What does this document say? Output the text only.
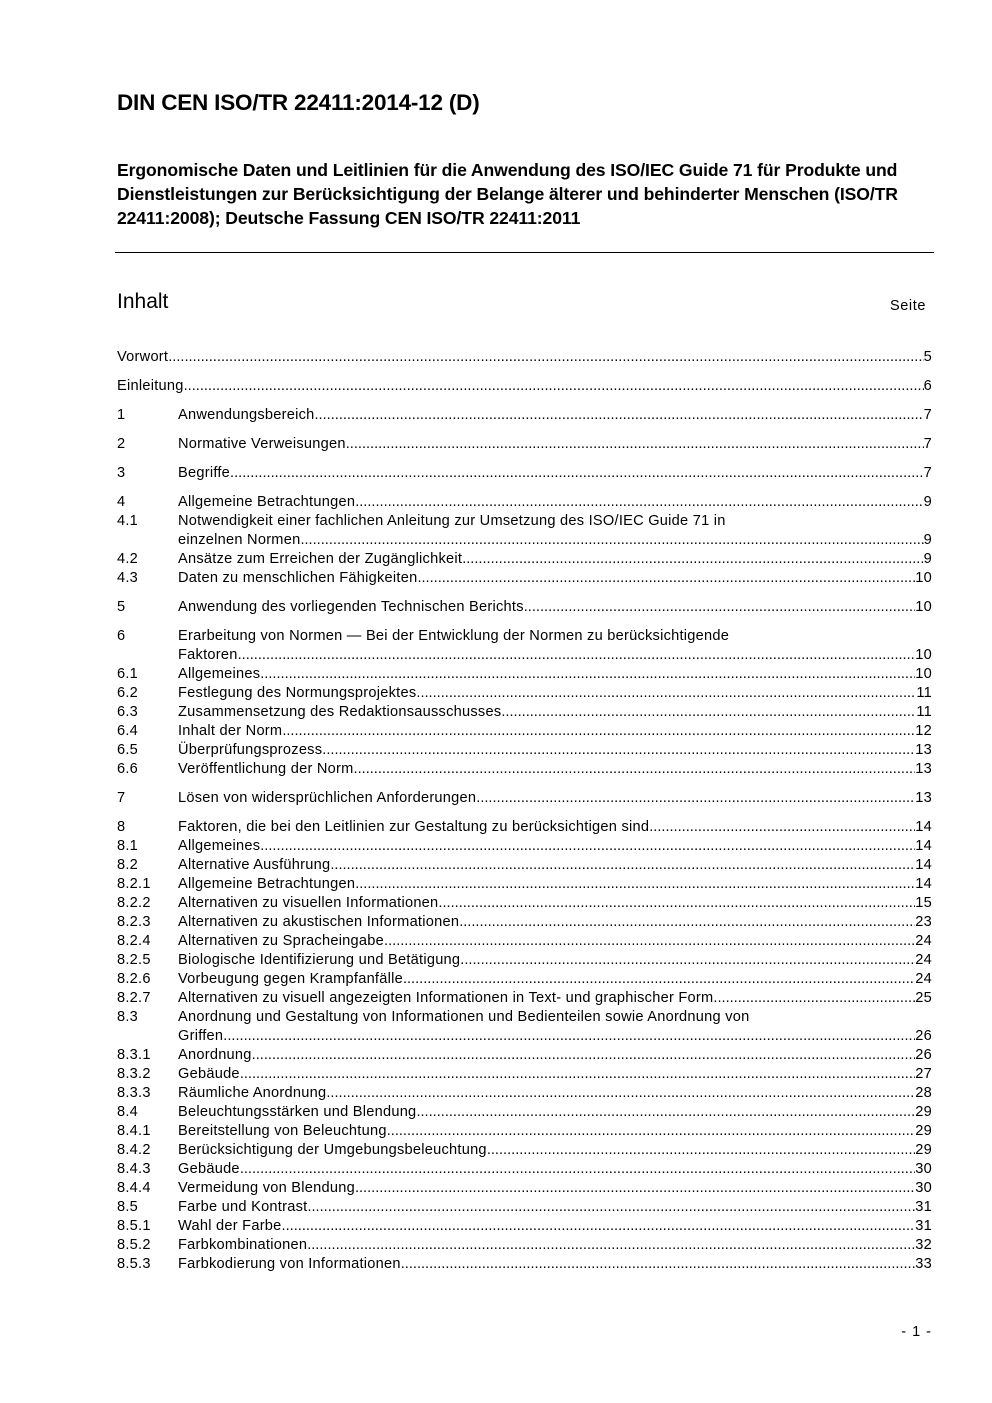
DIN CEN ISO/TR 22411:2014-12 (D)
Ergonomische Daten und Leitlinien für die Anwendung des ISO/IEC Guide 71 für Produkte und Dienstleistungen zur Berücksichtigung der Belange älterer und behinderter Menschen (ISO/TR 22411:2008); Deutsche Fassung CEN ISO/TR 22411:2011
Inhalt	Seite
Vorwort .....	5
Einleitung .....	6
1	Anwendungsbereich .....	7
2	Normative Verweisungen .....	7
3	Begriffe .....	7
4	Allgemeine Betrachtungen .....	9
4.1	Notwendigkeit einer fachlichen Anleitung zur Umsetzung des ISO/IEC Guide 71 in
einzelnen Normen .....	9
4.2	Ansätze zum Erreichen der Zugänglichkeit .....	9
4.3	Daten zu menschlichen Fähigkeiten .....	10
5	Anwendung des vorliegenden Technischen Berichts .....	10
6	Erarbeitung von Normen — Bei der Entwicklung der Normen zu berücksichtigende
Faktoren .....	10
6.1	Allgemeines .....	10
6.2	Festlegung des Normungsprojektes .....	11
6.3	Zusammensetzung des Redaktionsausschusses .....	11
6.4	Inhalt der Norm .....	12
6.5	Überprüfungsprozess .....	13
6.6	Veröffentlichung der Norm .....	13
7	Lösen von widersprüchlichen Anforderungen .....	13
8	Faktoren, die bei den Leitlinien zur Gestaltung zu berücksichtigen sind .....	14
8.1	Allgemeines .....	14
8.2	Alternative Ausführung .....	14
8.2.1 Allgemeine Betrachtungen .....	14
8.2.2 Alternativen zu visuellen Informationen .....	15
8.2.3 Alternativen zu akustischen Informationen .....	23
8.2.4 Alternativen zu Spracheingabe .....	24
8.2.5 Biologische Identifizierung und Betätigung .....	24
8.2.6 Vorbeugung gegen Krampfanfälle .....	24
8.2.7 Alternativen zu visuell angezeigten Informationen in Text- und graphischer Form .....	25
8.3	Anordnung und Gestaltung von Informationen und Bedienteilen sowie Anordnung von
Griffen .....	26
8.3.1 Anordnung .....	26
8.3.2 Gebäude .....	27
8.3.3 Räumliche Anordnung .....	28
8.4	Beleuchtungsstärken und Blendung .....	29
8.4.1 Bereitstellung von Beleuchtung .....	29
8.4.2 Berücksichtigung der Umgebungsbeleuchtung .....	29
8.4.3 Gebäude .....	30
8.4.4 Vermeidung von Blendung .....	30
8.5	Farbe und Kontrast .....	31
8.5.1 Wahl der Farbe .....	31
8.5.2 Farbkombinationen .....	32
8.5.3 Farbkodierung von Informationen .....	33
- 1 -
